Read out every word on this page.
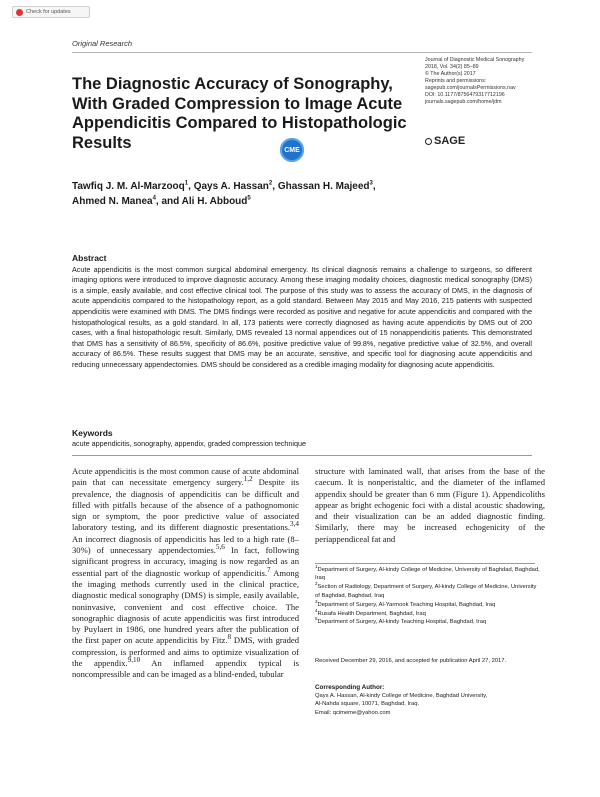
Check for updates
Original Research
The Diagnostic Accuracy of Sonography, With Graded Compression to Image Acute Appendicitis Compared to Histopathologic Results	CME
Journal of Diagnostic Medical Sonography
2018, Vol. 34(2) 85–89
© The Author(s) 2017
Reprints and permissions:
sagepub.com/journalsPermissions.nav
DOI: 10.1177/8756479317712196
journals.sagepub.com/home/jdm
SAGE
Tawfiq J. M. Al-Marzooq$^1$, Qays A. Hassan$^2$, Ghassan H. Majeed$^3$,
Ahmed N. Manea$^4$, and Ali H. Abboud$^5$
Abstract
Acute appendicitis is the most common surgical abdominal emergency. Its clinical diagnosis remains a challenge to surgeons, so different imaging options were introduced to improve diagnostic accuracy. Among these imaging modality choices, diagnostic medical sonography (DMS) is a simple, easily available, and cost effective clinical tool. The purpose of this study was to assess the accuracy of DMS, in the diagnosis of acute appendicitis compared to the histopathology report, as a gold standard. Between May 2015 and May 2016, 215 patients with suspected appendicitis were examined with DMS. The DMS findings were recorded as positive and negative for acute appendicitis and compared with the histopathological results, as a gold standard. In all, 173 patients were correctly diagnosed as having acute appendicitis by DMS out of 200 cases, with a final histopathologic result. Similarly, DMS revealed 13 normal appendices out of 15 nonappendicitis patients. This demonstrated that DMS has a sensitivity of 86.5%, specificity of 86.6%, positive predictive value of 99.8%, negative predictive value of 32.5%, and overall accuracy of 86.5%. These results suggest that DMS may be an accurate, sensitive, and specific tool for diagnosing acute appendicitis and reducing unnecessary appendectomies. DMS should be considered as a credible imaging modality for diagnosing acute appendicitis.
Keywords
acute appendicitis, sonography, appendix, graded compression technique
Acute appendicitis is the most common cause of acute abdominal pain that can necessitate emergency surgery.$^{1,2}$ Despite its prevalence, the diagnosis of appendicitis can be difficult and filled with pitfalls because of the absence of a pathognomonic sign or symptom, the poor predictive value of associated laboratory testing, and its different diagnostic presentations.$^{3,4}$ An incorrect diagnosis of appendicitis has led to a high rate (8–30%) of unnecessary appendectomies.$^{5,6}$ In fact, following significant progress in accuracy, imaging is now regarded as an essential part of the diagnostic workup of appendicitis.$^7$ Among the imaging methods currently used in the clinical practice, diagnostic medical sonography (DMS) is simple, easily available, noninvasive, convenient and cost effective choice. The sonographic diagnosis of acute appendicitis was first introduced by Puylaert in 1986, one hundred years after the publication of the first paper on acute appendicitis by Fitz.$^8$ DMS, with graded compression, is performed and aims to optimize visualization of the appendix.$^{9,10}$ An inflamed appendix typical is noncompressible and can be imaged as a blind-ended, tubular
structure with laminated wall, that arises from the base of the caecum. It is nonperistaltic, and the diameter of the inflamed appendix should be greater than 6 mm (Figure 1). Appendicoliths appear as bright echogenic foci with a distal acoustic shadowing, and their visualization can be an added diagnostic finding. Similarly, there may be increased echogenicity of the periappendiceal fat and
$^1$Department of Surgery, Al-kindy College of Medicine, University of Baghdad, Baghdad, Iraq
$^2$Section of Radiology, Department of Surgery, Al-kindy College of Medicine, University of Baghdad, Baghdad, Iraq
$^3$Department of Surgery, Al-Yarmook Teaching Hospital, Baghdad, Iraq
$^4$Rusafa Health Department, Baghdad, Iraq
$^5$Department of Surgery, Al-kindy Teaching Hospital, Baghdad, Iraq
Received December 29, 2016, and accepted for publication April 27, 2017.
Corresponding Author:
Qays A. Hassan, Al-kindy College of Medicine, Baghdad University,
Al-Nahda square, 10071, Baghdad, Iraq.
Email: qcimeme@yahoo.com
